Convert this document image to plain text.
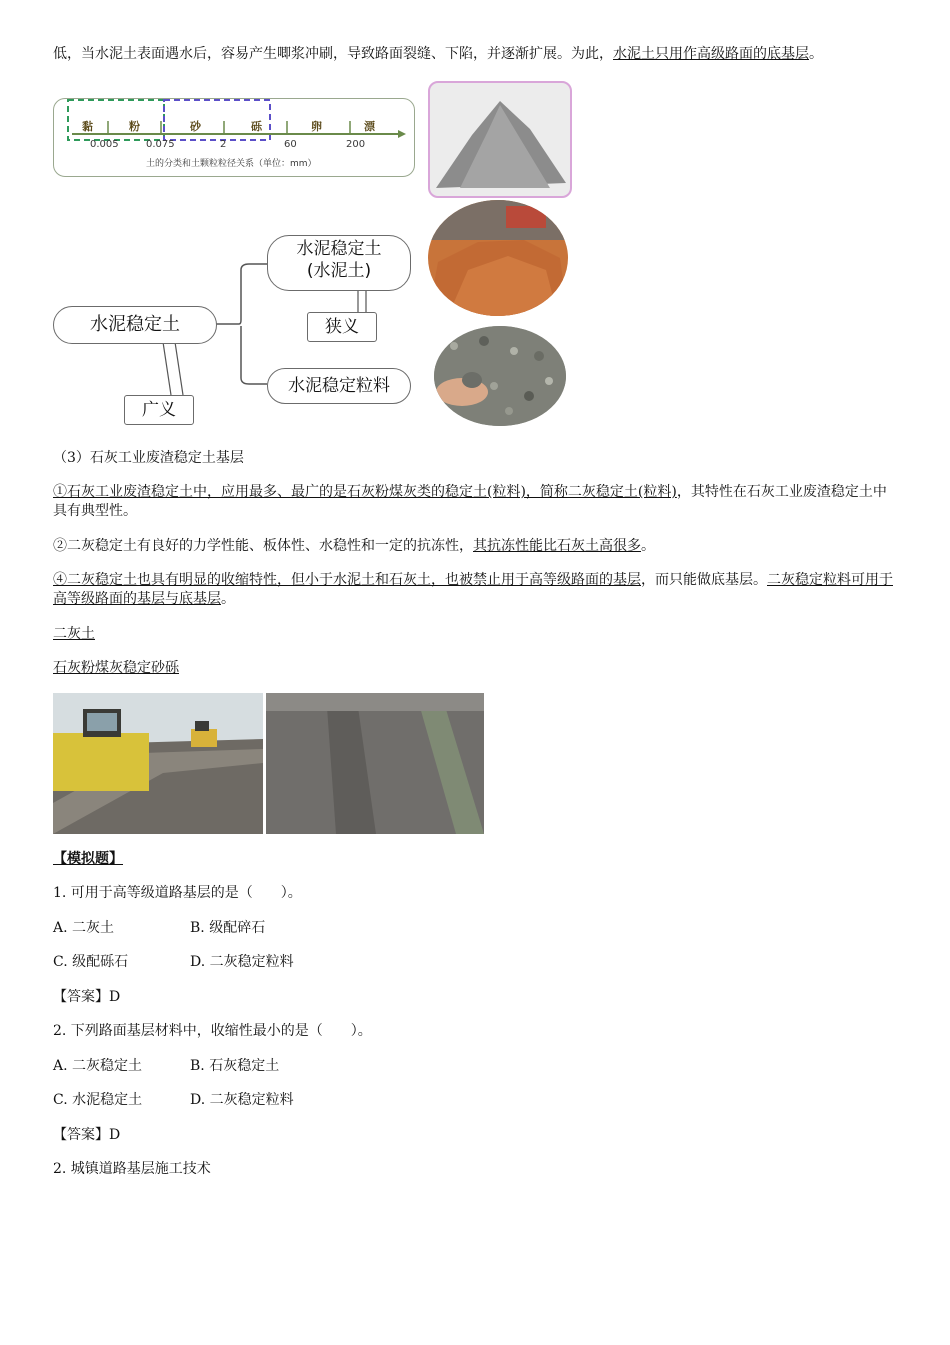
低，当水泥土表面遇水后，容易产生唧浆冲刷，导致路面裂缝、下陷，并逐渐扩展。为此，水泥土只用作高级路面的底基层。
黏	粉	砂	砾	卵	漂
0.005	0.075	2	60	200
土的分类和土颗粒粒径关系（单位：mm）
水泥稳定土
水泥稳定土
(水泥土)
狭义
水泥稳定粒料
广义
（3）石灰工业废渣稳定土基层
①石灰工业废渣稳定土中，应用最多、最广的是石灰粉煤灰类的稳定土(粒料)，简称二灰稳定土(粒料)，其特性在石灰工业废渣稳定土中具有典型性。
②二灰稳定土有良好的力学性能、板体性、水稳性和一定的抗冻性，其抗冻性能比石灰土高很多。
④二灰稳定土也具有明显的收缩特性，但小于水泥土和石灰土，也被禁止用于高等级路面的基层，而只能做底基层。二灰稳定粒料可用于高等级路面的基层与底基层。
二灰土
石灰粉煤灰稳定砂砾
【模拟题】
1. 可用于高等级道路基层的是（　　）。
A. 二灰土	B. 级配碎石
C. 级配砾石	D. 二灰稳定粒料
【答案】D
2. 下列路面基层材料中，收缩性最小的是（　　）。
A. 二灰稳定土	B. 石灰稳定土
C. 水泥稳定土	D. 二灰稳定粒料
【答案】D
2. 城镇道路基层施工技术
